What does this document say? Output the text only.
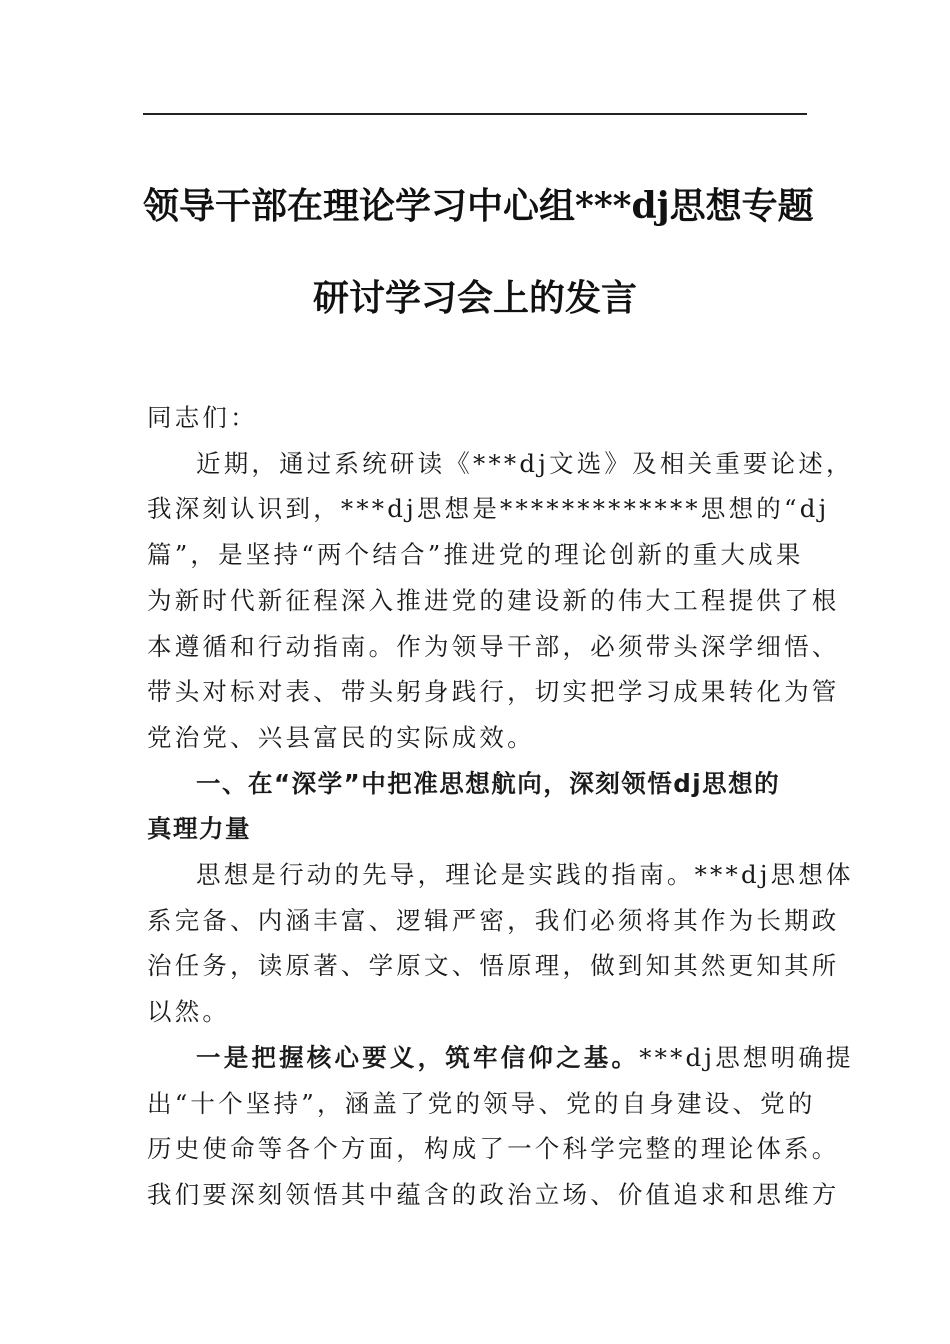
领导干部在理论学习中心组***dj思想专题
研讨学习会上的发言

同志们：

近期，通过系统研读《***dj文选》及相关重要论述，
我深刻认识到，***dj思想是*************思想的“dj
篇”，是坚持“两个结合”推进党的理论创新的重大成果
为新时代新征程深入推进党的建设新的伟大工程提供了根
本遵循和行动指南。作为领导干部，必须带头深学细悟、
带头对标对表、带头躬身践行，切实把学习成果转化为管
党治党、兴县富民的实际成效。

一、在“深学”中把准思想航向，深刻领悟dj思想的
真理力量

思想是行动的先导，理论是实践的指南。***dj思想体
系完备、内涵丰富、逻辑严密，我们必须将其作为长期政
治任务，读原著、学原文、悟原理，做到知其然更知其所
以然。

一是把握核心要义，筑牢信仰之基。***dj思想明确提
出“十个坚持”，涵盖了党的领导、党的自身建设、党的
历史使命等各个方面，构成了一个科学完整的理论体系。
我们要深刻领悟其中蕴含的政治立场、价值追求和思维方
